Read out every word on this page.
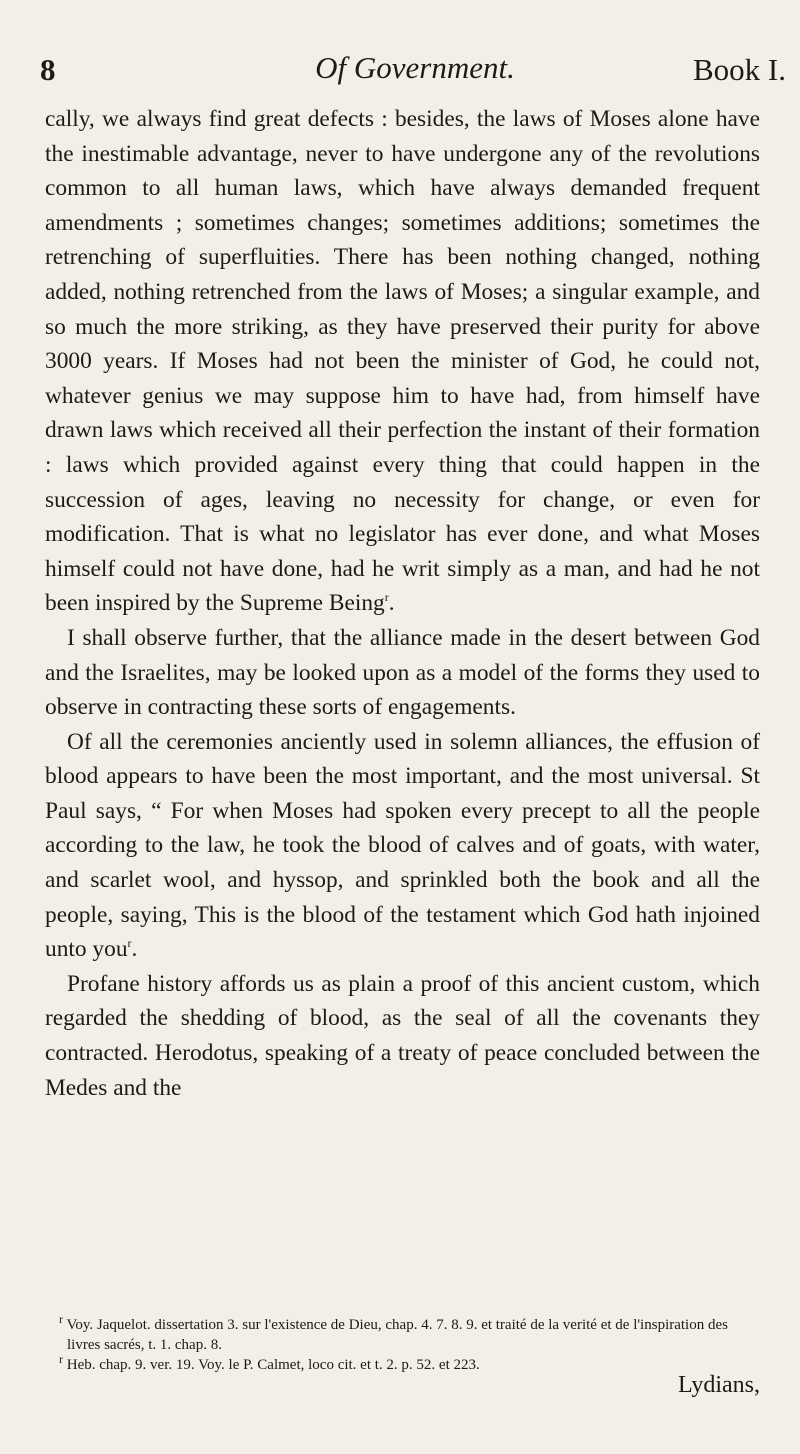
8	Of Government.	Book I.

cally, we always find great defects : besides, the laws of Moses alone have the inestimable advantage, never to have undergone any of the revolutions common to all human laws, which have always demanded frequent amendments ; sometimes changes; sometimes additions; sometimes the retrenching of superfluities. There has been nothing changed, nothing added, nothing retrenched from the laws of Moses; a singular example, and so much the more striking, as they have preserved their purity for above 3000 years. If Moses had not been the minister of God, he could not, whatever genius we may suppose him to have had, from himself have drawn laws which received all their perfection the instant of their formation : laws which provided against every thing that could happen in the succession of ages, leaving no necessity for change, or even for modification. That is what no legislator has ever done, and what Moses himself could not have done, had he writ simply as a man, and had he not been inspired by the Supreme Being$^r$.

I shall observe further, that the alliance made in the desert between God and the Israelites, may be looked upon as a model of the forms they used to observe in contracting these sorts of engagements.

Of all the ceremonies anciently used in solemn alliances, the effusion of blood appears to have been the most important, and the most universal. St Paul says, “ For when Moses had spoken every precept to all the people according to the law, he took the blood of calves and of goats, with water, and scarlet wool, and hyssop, and sprinkled both the book and all the people, saying, This is the blood of the testament which God hath injoined unto you$^r$.

Profane history affords us as plain a proof of this ancient custom, which regarded the shedding of blood, as the seal of all the covenants they contracted. Herodotus, speaking of a treaty of peace concluded between the Medes and the

$^r$ Voy. Jaquelot. dissertation 3. sur l'existence de Dieu, chap. 4. 7. 8. 9. et traité de la verité et de l'inspiration des livres sacrés, t. 1. chap. 8.

$^r$ Heb. chap. 9. ver. 19. Voy. le P. Calmet, loco cit. et t. 2. p. 52. et 223.

Lydians,
